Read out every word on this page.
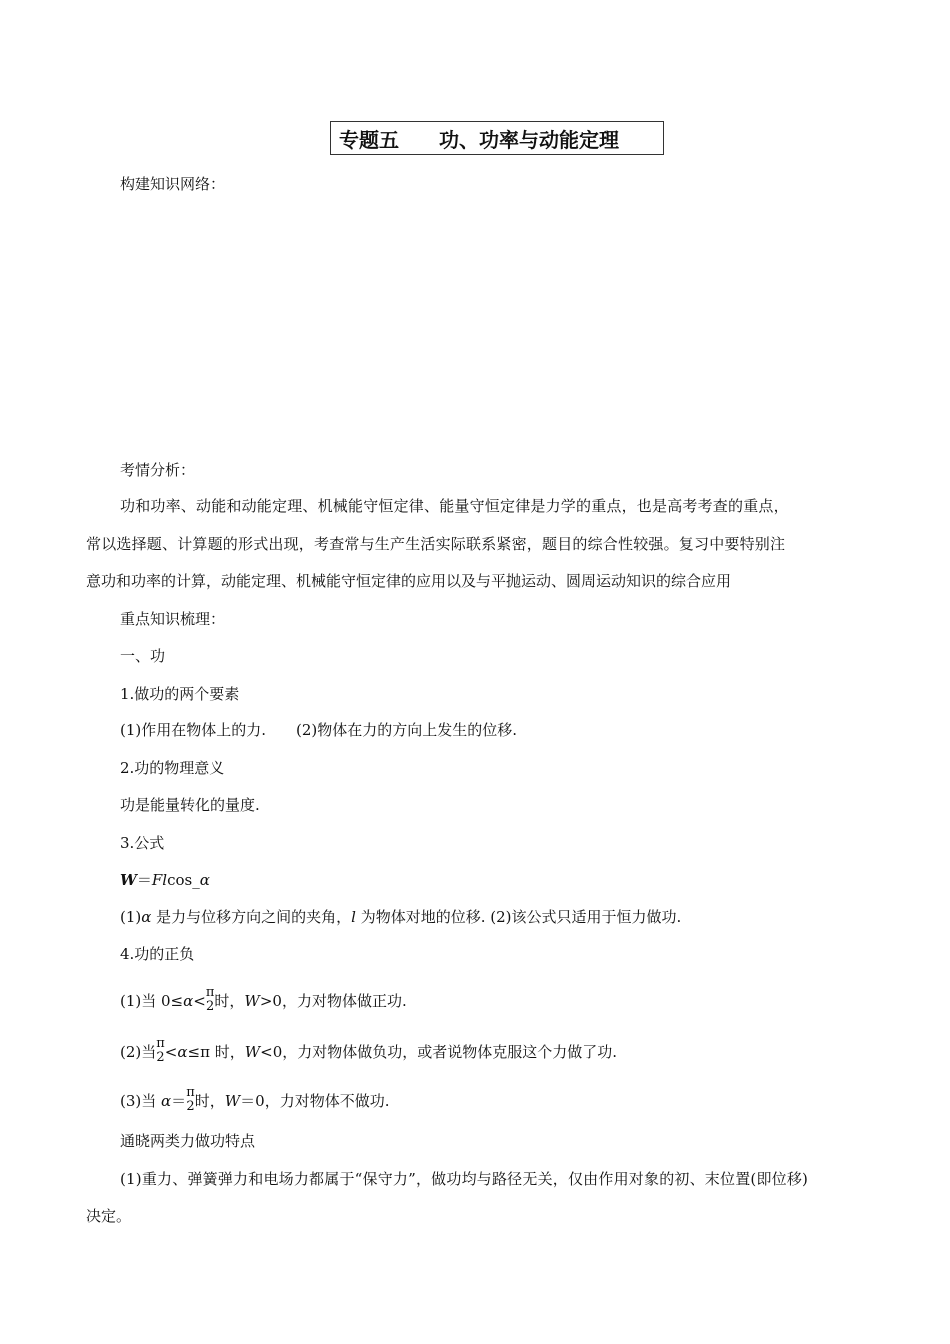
专题五　　功、功率与动能定理
构建知识网络：
考情分析：
功和功率、动能和动能定理、机械能守恒定律、能量守恒定律是力学的重点，也是高考考查的重点，
常以选择题、计算题的形式出现，考查常与生产生活实际联系紧密，题目的综合性较强。复习中要特别注
意功和功率的计算，动能定理、机械能守恒定律的应用以及与平抛运动、圆周运动知识的综合应用
重点知识梳理：
一、功
1.做功的两个要素
(1)作用在物体上的力.　　(2)物体在力的方向上发生的位移.
2.功的物理意义
功是能量转化的量度.
3.公式
W＝Flcos_α
(1)α 是力与位移方向之间的夹角，l 为物体对地的位移. (2)该公式只适用于恒力做功.
4.功的正负
(1)当 0≤α< π
2 时，W>0，力对物体做正功.
(2)当 π
2 <α≤π 时，W<0，力对物体做负功，或者说物体克服这个力做了功.
(3)当 α＝ π
2 时，W＝0，力对物体不做功.
通晓两类力做功特点
(1)重力、弹簧弹力和电场力都属于“保守力”，做功均与路径无关，仅由作用对象的初、末位置(即位移)
决定。
